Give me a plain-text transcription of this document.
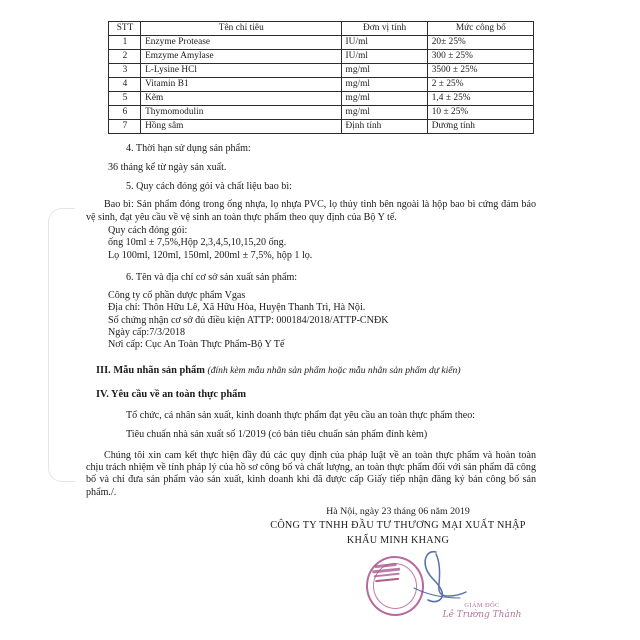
STT	Tên chỉ tiêu	Đơn vị tính	Mức công bố
1	Enzyme Protease	IU/ml	20± 25%
2	Emzyme Amylase	IU/ml	300 ± 25%
3	L-Lysine HCl	mg/ml	3500 ± 25%
4	Vitamin B1	mg/ml	2 ± 25%
5	Kẽm	mg/ml	1,4 ± 25%
6	Thymomodulin	mg/ml	10 ± 25%
7	Hồng sâm	Định tính	Dương tính
4. Thời hạn sử dụng sản phẩm:
36 tháng kể từ ngày sản xuất.
5. Quy cách đóng gói và chất liệu bao bì:
Bao bì: Sản phẩm đóng trong ống nhựa, lọ nhựa PVC, lọ thủy tinh bên ngoài là hộp bao bì cứng đảm bảo vệ sinh, đạt yêu cầu về vệ sinh an toàn thực phẩm theo quy định của Bộ Y tế.
Quy cách đóng gói:
ống 10ml ± 7,5%,Hộp 2,3,4,5,10,15,20 ống.
Lọ 100ml, 120ml, 150ml, 200ml ± 7,5%, hộp 1 lọ.
6. Tên và địa chỉ cơ sở sản xuất sản phẩm:
Công ty cổ phần dược phẩm Vgas
Địa chỉ: Thôn Hữu Lê, Xã Hữu Hòa, Huyện Thanh Trì, Hà Nội.
Số chứng nhận cơ sở đủ điều kiện ATTP: 000184/2018/ATTP-CNĐK
Ngày cấp:7/3/2018
Nơi cấp: Cục An Toàn Thực Phẩm-Bộ Y Tế
III. Mẫu nhãn sản phẩm (đính kèm mẫu nhãn sản phẩm hoặc mẫu nhãn sản phẩm dự kiến)
IV. Yêu cầu về an toàn thực phẩm
Tổ chức, cá nhân sản xuất, kinh doanh thực phẩm đạt yêu cầu an toàn thực phẩm theo:
Tiêu chuẩn nhà sản xuất số 1/2019 (có bản tiêu chuẩn sản phẩm đính kèm)
Chúng tôi xin cam kết thực hiện đầy đủ các quy định của pháp luật về an toàn thực phẩm và hoàn toàn chịu trách nhiệm về tính pháp lý của hồ sơ công bố và chất lượng, an toàn thực phẩm đối với sản phẩm đã công bố và chỉ đưa sản phẩm vào sản xuất, kinh doanh khi đã được cấp Giấy tiếp nhận đăng ký bản công bố sản phẩm./.
Hà Nội, ngày 23 tháng 06 năm 2019
CÔNG TY TNHH ĐẦU TƯ THƯƠNG MẠI XUẤT NHẬP
KHẨU MINH KHANG
GIÁM ĐỐC
Lê Trường Thành
